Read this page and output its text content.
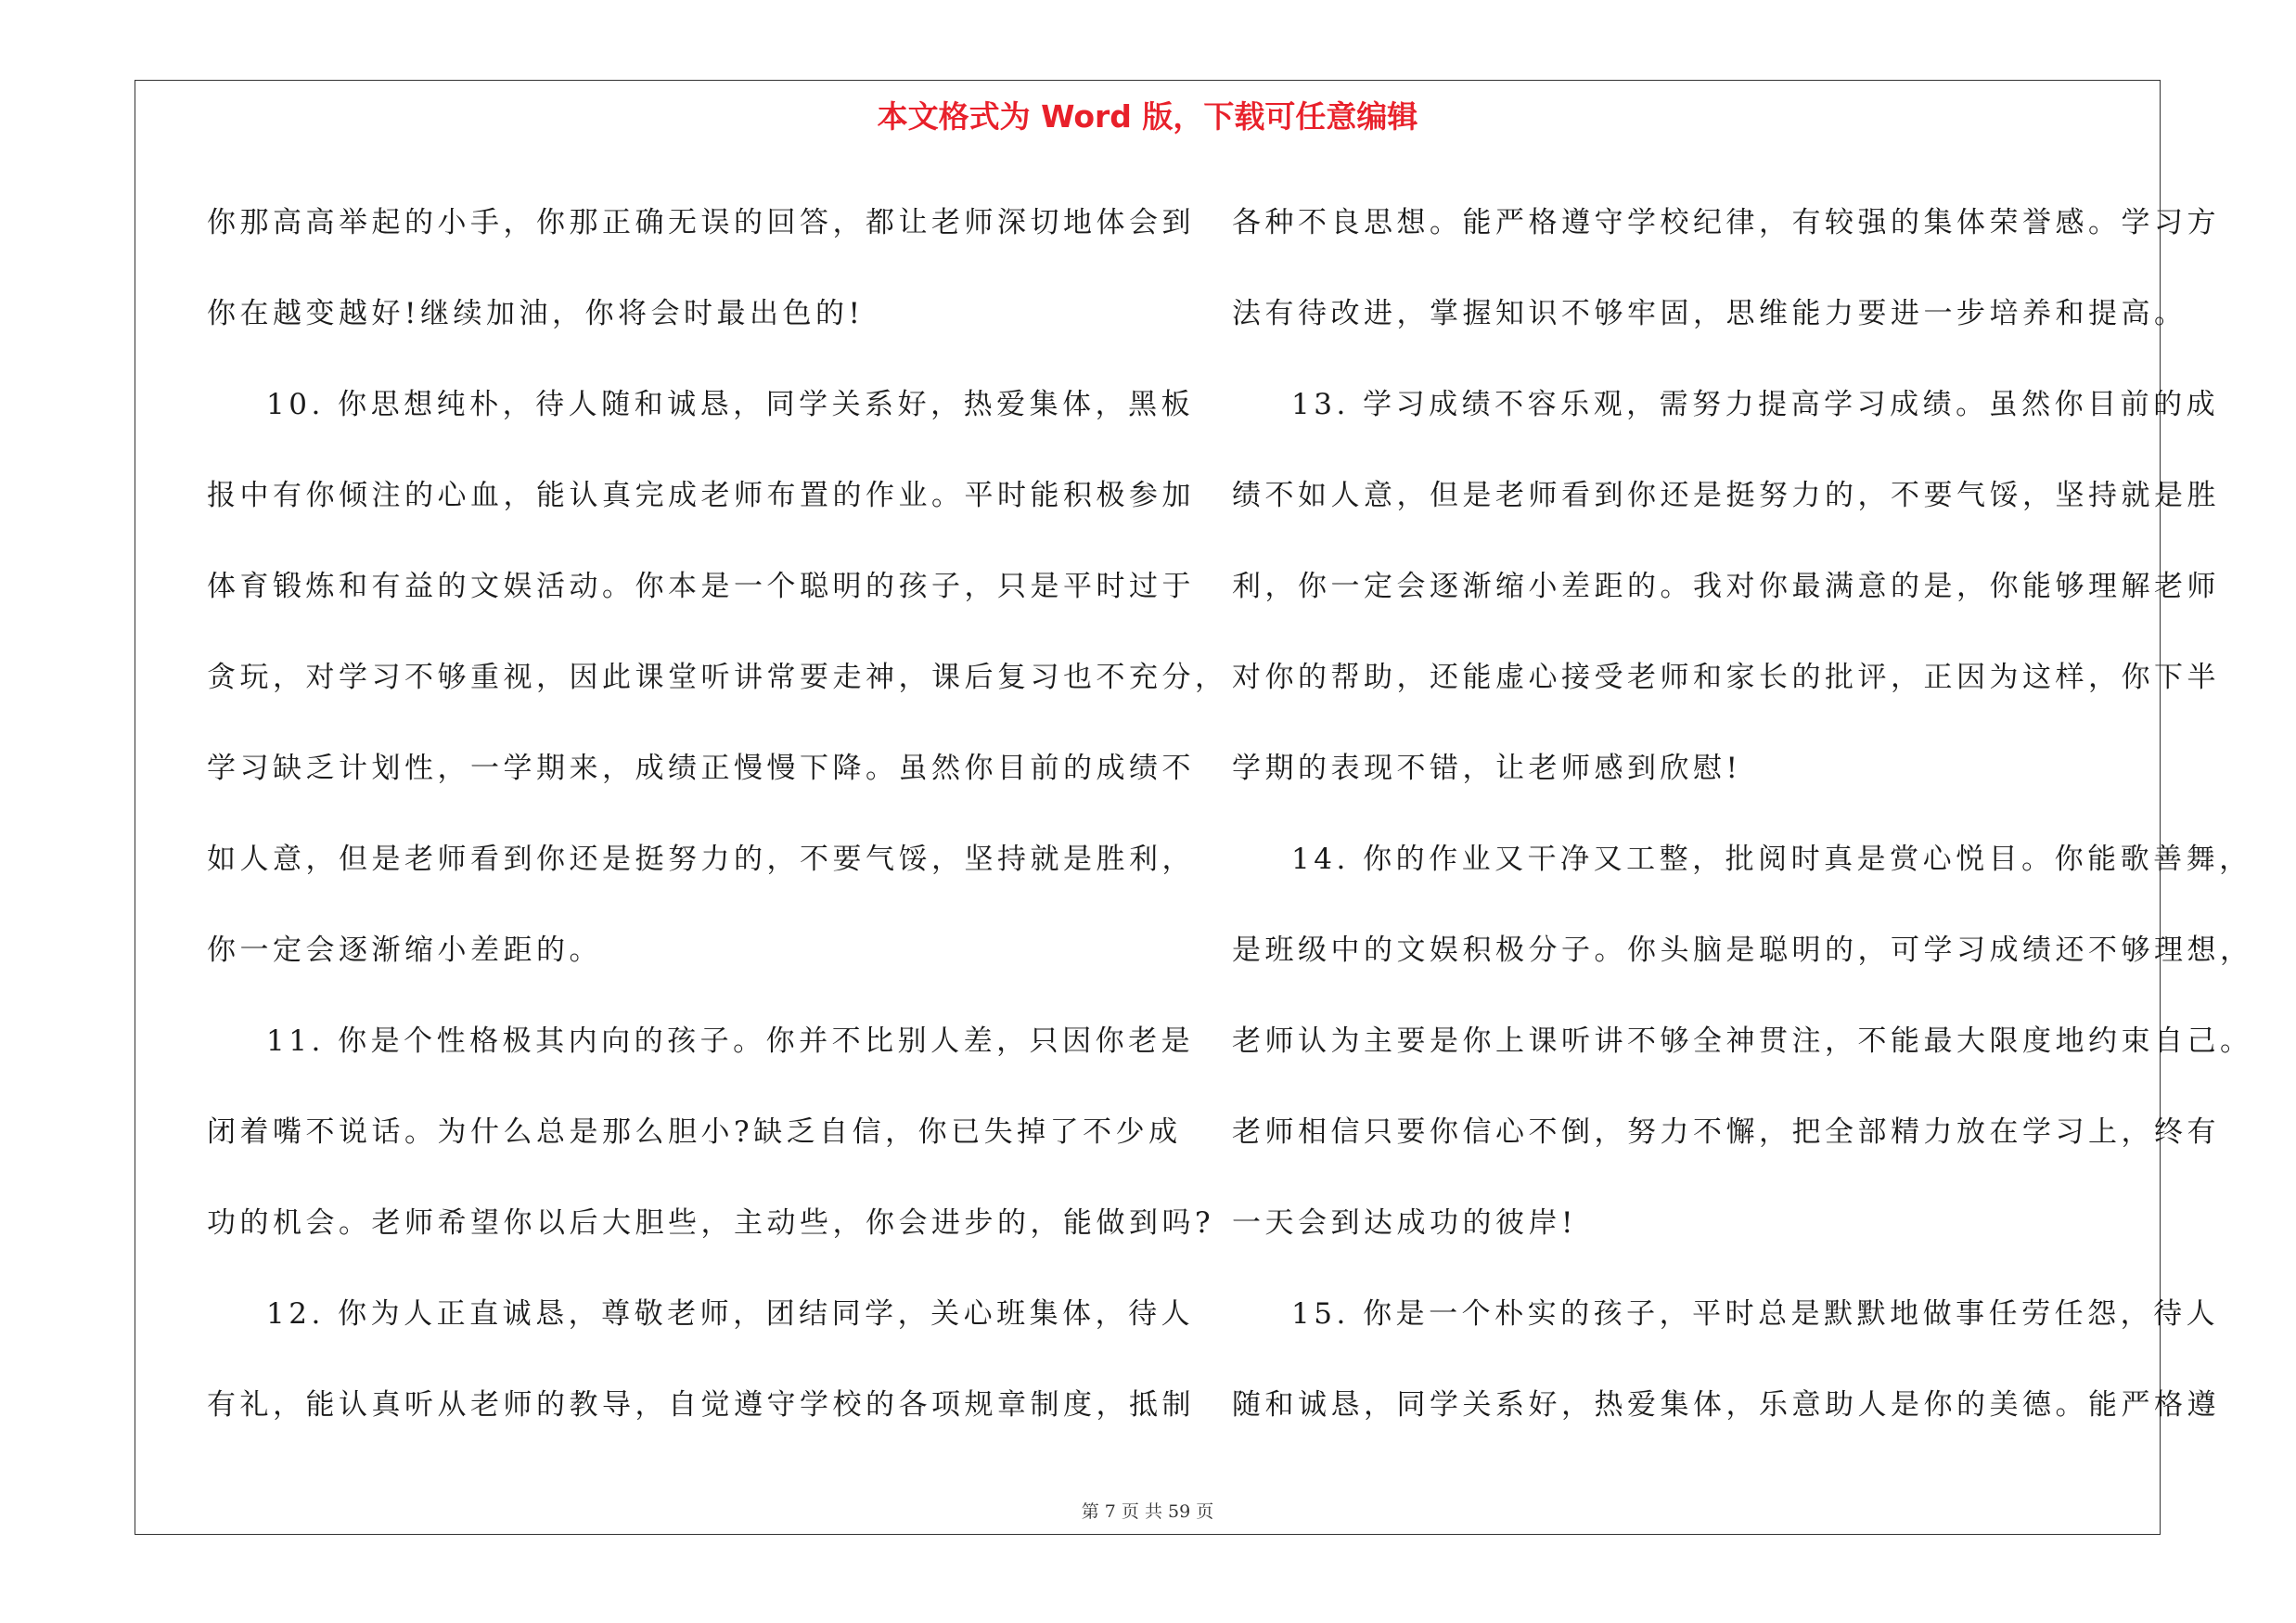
本文格式为 Word 版，下载可任意编辑
你那高高举起的小手，你那正确无误的回答，都让老师深切地体会到
你在越变越好!继续加油，你将会时最出色的!
10. 你思想纯朴，待人随和诚恳，同学关系好，热爱集体，黑板
报中有你倾注的心血，能认真完成老师布置的作业。平时能积极参加
体育锻炼和有益的文娱活动。你本是一个聪明的孩子，只是平时过于
贪玩，对学习不够重视，因此课堂听讲常要走神，课后复习也不充分，
学习缺乏计划性，一学期来，成绩正慢慢下降。虽然你目前的成绩不
如人意，但是老师看到你还是挺努力的，不要气馁，坚持就是胜利，
你一定会逐渐缩小差距的。
11. 你是个性格极其内向的孩子。你并不比别人差，只因你老是
闭着嘴不说话。为什么总是那么胆小?缺乏自信，你已失掉了不少成
功的机会。老师希望你以后大胆些，主动些，你会进步的，能做到吗?
12. 你为人正直诚恳，尊敬老师，团结同学，关心班集体，待人
有礼，能认真听从老师的教导，自觉遵守学校的各项规章制度，抵制
各种不良思想。能严格遵守学校纪律，有较强的集体荣誉感。学习方
法有待改进，掌握知识不够牢固，思维能力要进一步培养和提高。
13. 学习成绩不容乐观，需努力提高学习成绩。虽然你目前的成
绩不如人意，但是老师看到你还是挺努力的，不要气馁，坚持就是胜
利，你一定会逐渐缩小差距的。我对你最满意的是，你能够理解老师
对你的帮助，还能虚心接受老师和家长的批评，正因为这样，你下半
学期的表现不错，让老师感到欣慰!
14. 你的作业又干净又工整，批阅时真是赏心悦目。你能歌善舞，
是班级中的文娱积极分子。你头脑是聪明的，可学习成绩还不够理想，
老师认为主要是你上课听讲不够全神贯注，不能最大限度地约束自己。
老师相信只要你信心不倒，努力不懈，把全部精力放在学习上，终有
一天会到达成功的彼岸!
15. 你是一个朴实的孩子，平时总是默默地做事任劳任怨，待人
随和诚恳，同学关系好，热爱集体，乐意助人是你的美德。能严格遵
第 7 页 共 59 页
